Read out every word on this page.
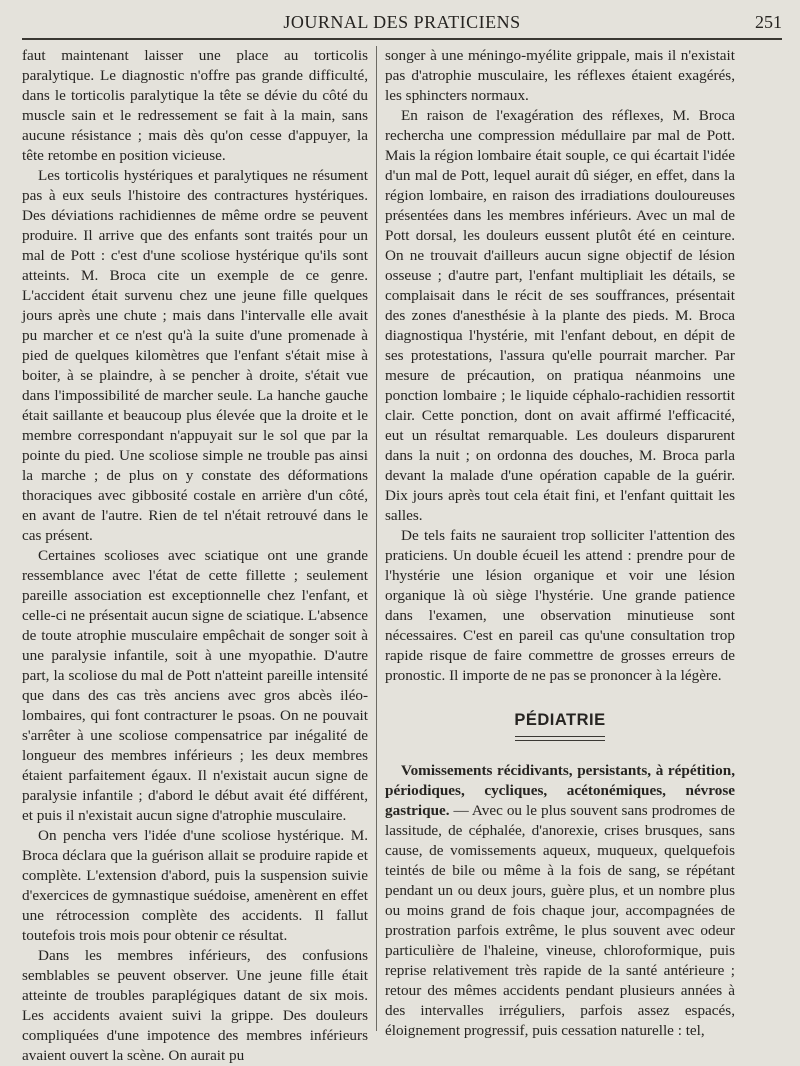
JOURNAL DES PRATICIENS	251

faut maintenant laisser une place au torticolis paralytique. Le diagnostic n'offre pas grande difficulté, dans le torticolis paralytique la tête se dévie du côté du muscle sain et le redressement se fait à la main, sans aucune résistance ; mais dès qu'on cesse d'appuyer, la tête retombe en position vicieuse.

Les torticolis hystériques et paralytiques ne résument pas à eux seuls l'histoire des contractures hystériques. Des déviations rachidiennes de même ordre se peuvent produire. Il arrive que des enfants sont traités pour un mal de Pott : c'est d'une scoliose hystérique qu'ils sont atteints. M. Broca cite un exemple de ce genre. L'accident était survenu chez une jeune fille quelques jours après une chute ; mais dans l'intervalle elle avait pu marcher et ce n'est qu'à la suite d'une promenade à pied de quelques kilomètres que l'enfant s'était mise à boiter, à se plaindre, à se pencher à droite, s'était vue dans l'impossibilité de marcher seule. La hanche gauche était saillante et beaucoup plus élevée que la droite et le membre correspondant n'appuyait sur le sol que par la pointe du pied. Une scoliose simple ne trouble pas ainsi la marche ; de plus on y constate des déformations thoraciques avec gibbosité costale en arrière d'un côté, en avant de l'autre. Rien de tel n'était retrouvé dans le cas présent.

Certaines scolioses avec sciatique ont une grande ressemblance avec l'état de cette fillette ; seulement pareille association est exceptionnelle chez l'enfant, et celle-ci ne présentait aucun signe de sciatique. L'absence de toute atrophie musculaire empêchait de songer soit à une paralysie infantile, soit à une myopathie. D'autre part, la scoliose du mal de Pott n'atteint pareille intensité que dans des cas très anciens avec gros abcès iléo-lombaires, qui font contracturer le psoas. On ne pouvait s'arrêter à une scoliose compensatrice par inégalité de longueur des membres inférieurs ; les deux membres étaient parfaitement égaux. Il n'existait aucun signe de paralysie infantile ; d'abord le début avait été différent, et puis il n'existait aucun signe d'atrophie musculaire.

On pencha vers l'idée d'une scoliose hystérique. M. Broca déclara que la guérison allait se produire rapide et complète. L'extension d'abord, puis la suspension suivie d'exercices de gymnastique suédoise, amenèrent en effet une rétrocession complète des accidents. Il fallut toutefois trois mois pour obtenir ce résultat.

Dans les membres inférieurs, des confusions semblables se peuvent observer. Une jeune fille était atteinte de troubles paraplégiques datant de six mois. Les accidents avaient suivi la grippe. Des douleurs compliquées d'une impotence des membres inférieurs avaient ouvert la scène. On aurait pu

songer à une méningo-myélite grippale, mais il n'existait pas d'atrophie musculaire, les réflexes étaient exagérés, les sphincters normaux.

En raison de l'exagération des réflexes, M. Broca rechercha une compression médullaire par mal de Pott. Mais la région lombaire était souple, ce qui écartait l'idée d'un mal de Pott, lequel aurait dû siéger, en effet, dans la région lombaire, en raison des irradiations douloureuses présentées dans les membres inférieurs. Avec un mal de Pott dorsal, les douleurs eussent plutôt été en ceinture. On ne trouvait d'ailleurs aucun signe objectif de lésion osseuse ; d'autre part, l'enfant multipliait les détails, se complaisait dans le récit de ses souffrances, présentait des zones d'anesthésie à la plante des pieds. M. Broca diagnostiqua l'hystérie, mit l'enfant debout, en dépit de ses protestations, l'assura qu'elle pourrait marcher. Par mesure de précaution, on pratiqua néanmoins une ponction lombaire ; le liquide céphalo-rachidien ressortit clair. Cette ponction, dont on avait affirmé l'efficacité, eut un résultat remarquable. Les douleurs disparurent dans la nuit ; on ordonna des douches, M. Broca parla devant la malade d'une opération capable de la guérir. Dix jours après tout cela était fini, et l'enfant quittait les salles.

De tels faits ne sauraient trop solliciter l'attention des praticiens. Un double écueil les attend : prendre pour de l'hystérie une lésion organique et voir une lésion organique là où siège l'hystérie. Une grande patience dans l'examen, une observation minutieuse sont nécessaires. C'est en pareil cas qu'une consultation trop rapide risque de faire commettre de grosses erreurs de pronostic. Il importe de ne pas se prononcer à la légère.

PÉDIATRIE

Vomissements récidivants, persistants, à répétition, périodiques, cycliques, acétonémiques, névrose gastrique. — Avec ou le plus souvent sans prodromes de lassitude, de céphalée, d'anorexie, crises brusques, sans cause, de vomissements aqueux, muqueux, quelquefois teintés de bile ou même à la fois de sang, se répétant pendant un ou deux jours, guère plus, et un nombre plus ou moins grand de fois chaque jour, accompagnées de prostration parfois extrême, le plus souvent avec odeur particulière de l'haleine, vineuse, chloroformique, puis reprise relativement très rapide de la santé antérieure ; retour des mêmes accidents pendant plusieurs années à des intervalles irréguliers, parfois assez espacés, éloignement progressif, puis cessation naturelle : tel,
